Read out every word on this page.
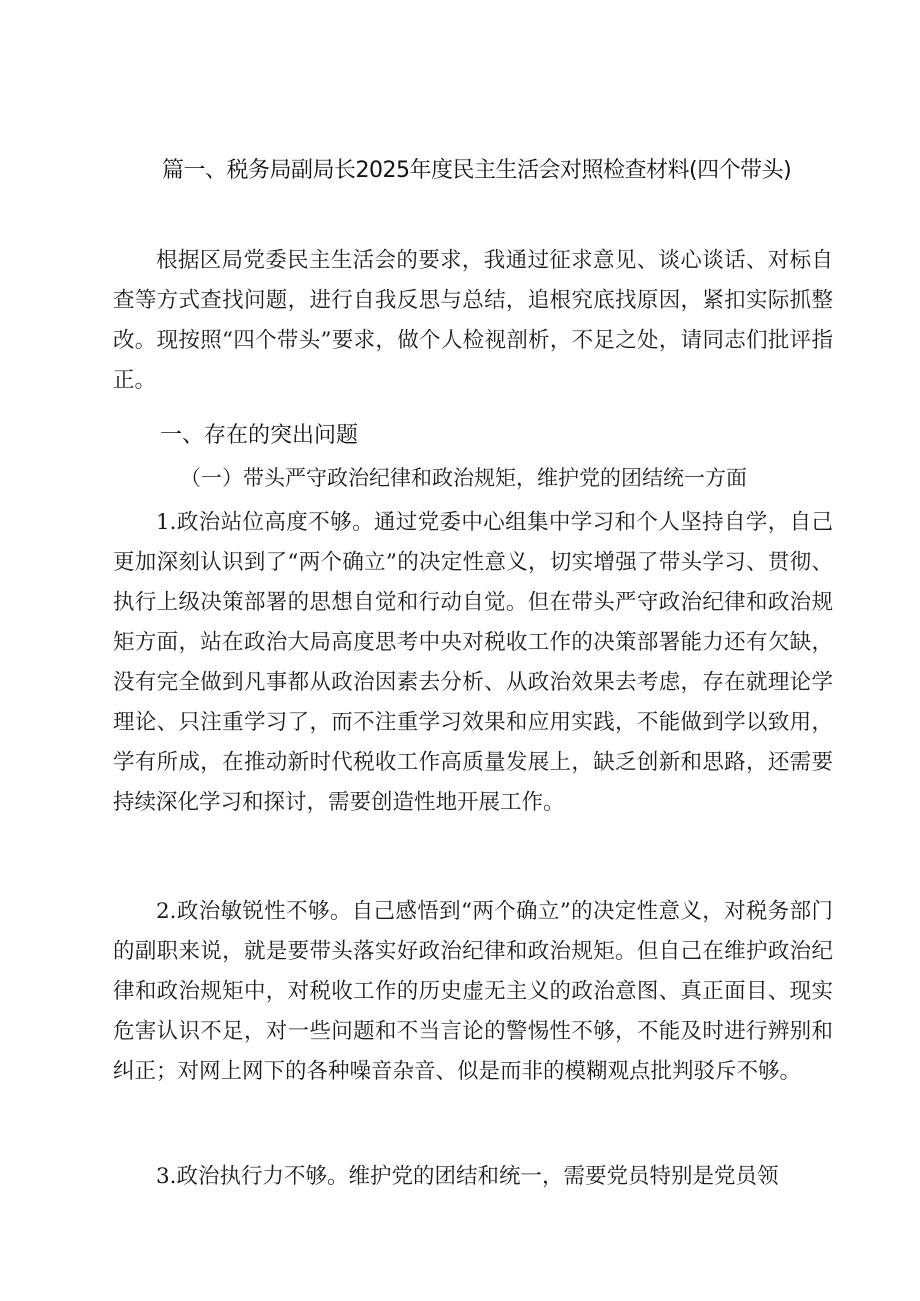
篇一、税务局副局长2025年度民主生活会对照检查材料(四个带头)

根据区局党委民主生活会的要求，我通过征求意见、谈心谈话、对标自查等方式查找问题，进行自我反思与总结，追根究底找原因，紧扣实际抓整改。现按照“四个带头”要求，做个人检视剖析，不足之处，请同志们批评指正。

一、存在的突出问题
（一）带头严守政治纪律和政治规矩，维护党的团结统一方面

1.政治站位高度不够。通过党委中心组集中学习和个人坚持自学，自己更加深刻认识到了“两个确立”的决定性意义，切实增强了带头学习、贯彻、执行上级决策部署的思想自觉和行动自觉。但在带头严守政治纪律和政治规矩方面，站在政治大局高度思考中央对税收工作的决策部署能力还有欠缺，没有完全做到凡事都从政治因素去分析、从政治效果去考虑，存在就理论学理论、只注重学习了，而不注重学习效果和应用实践，不能做到学以致用，学有所成，在推动新时代税收工作高质量发展上，缺乏创新和思路，还需要持续深化学习和探讨，需要创造性地开展工作。

2.政治敏锐性不够。自己感悟到“两个确立”的决定性意义，对税务部门的副职来说，就是要带头落实好政治纪律和政治规矩。但自己在维护政治纪律和政治规矩中，对税收工作的历史虚无主义的政治意图、真正面目、现实危害认识不足，对一些问题和不当言论的警惕性不够，不能及时进行辨别和纠正；对网上网下的各种噪音杂音、似是而非的模糊观点批判驳斥不够。

3.政治执行力不够。维护党的团结和统一，需要党员特别是党员领
